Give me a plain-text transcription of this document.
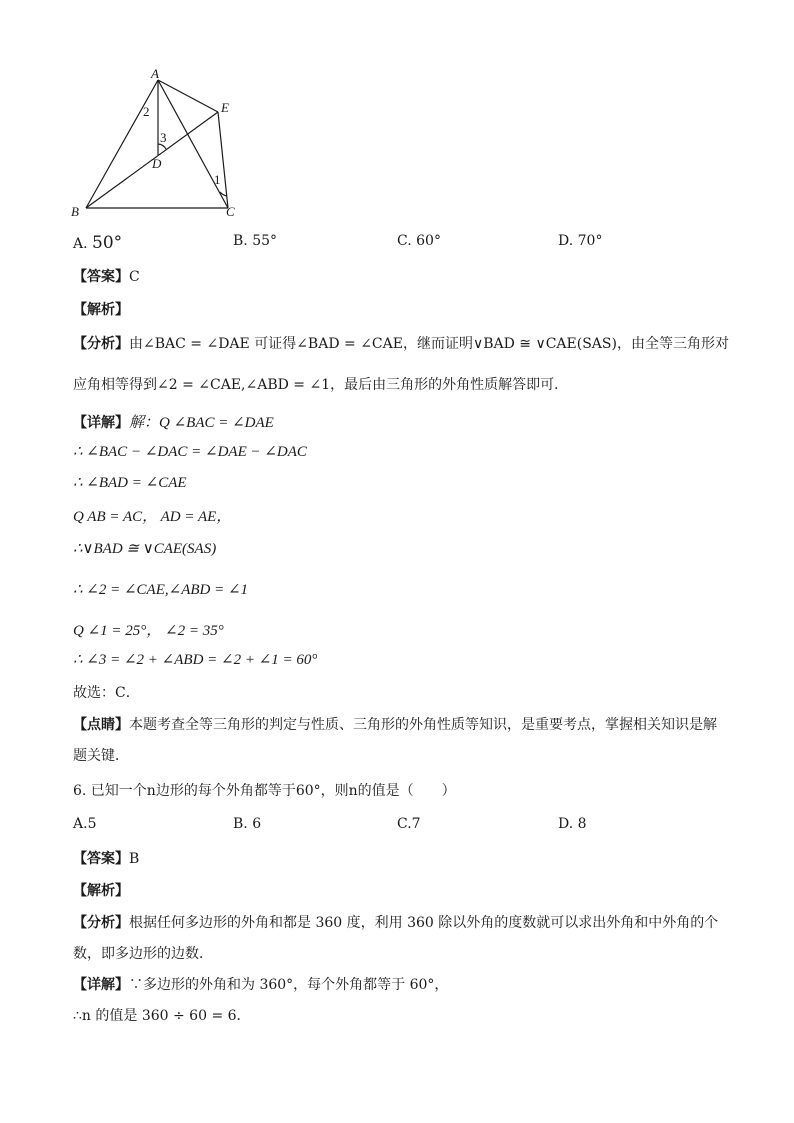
A
E
D
B	C
2
3
1
A. 50°	B. 55°	C. 60°	D. 70°
【答案】C
【解析】
【分析】由∠BAC = ∠DAE 可证得∠BAD = ∠CAE，继而证明∨BAD ≅ ∨CAE(SAS)，由全等三角形对
应角相等得到∠2 = ∠CAE,∠ABD = ∠1，最后由三角形的外角性质解答即可．
【详解】解：Q ∠BAC = ∠DAE
∴ ∠BAC − ∠DAC = ∠DAE − ∠DAC
∴ ∠BAD = ∠CAE
Q AB = AC， AD = AE，
∴∨BAD ≅ ∨CAE(SAS)
∴ ∠2 = ∠CAE,∠ABD = ∠1
Q ∠1 = 25°， ∠2 = 35°
∴ ∠3 = ∠2 + ∠ABD = ∠2 + ∠1 = 60°
故选：C．
【点睛】本题考查全等三角形的判定与性质、三角形的外角性质等知识，是重要考点，掌握相关知识是解
题关键．
6. 已知一个n边形的每个外角都等于60°，则n的值是（　　）
A.5	B. 6	C.7	D. 8
【答案】B
【解析】
【分析】根据任何多边形的外角和都是 360 度，利用 360 除以外角的度数就可以求出外角和中外角的个
数，即多边形的边数．
【详解】∵多边形的外角和为 360°，每个外角都等于 60°，
∴n 的值是 360 ÷ 60 = 6．
